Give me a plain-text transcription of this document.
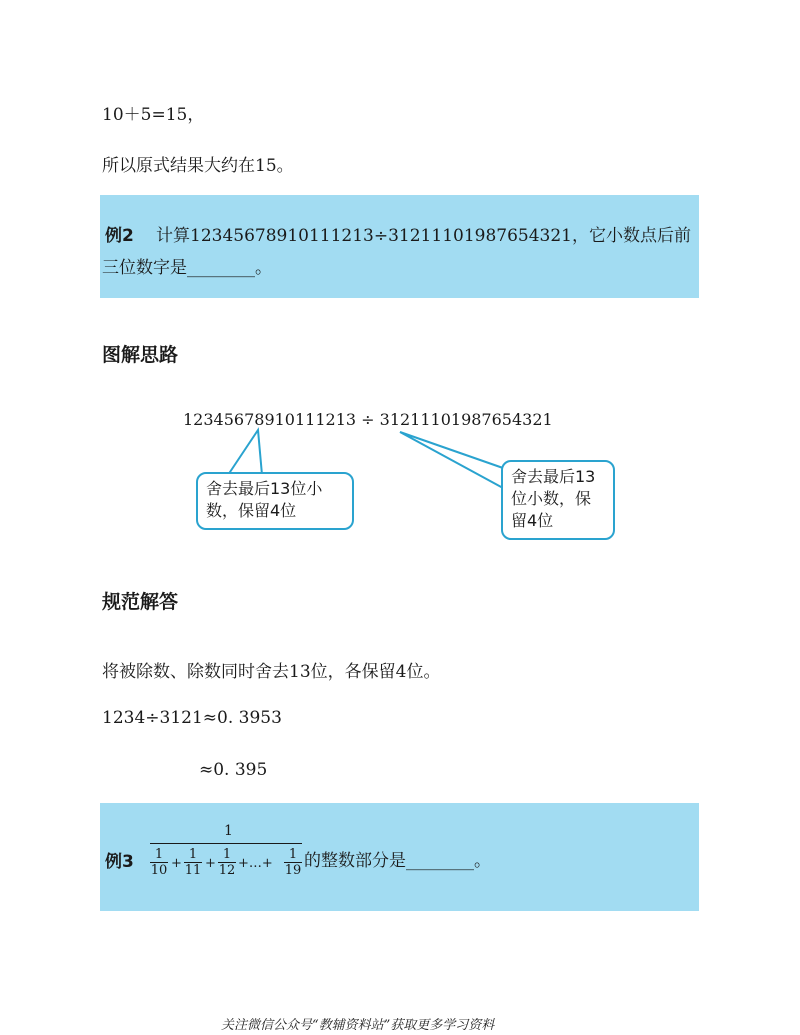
10＋5=15，
所以原式结果大约在15。
例2 计算12345678910111213÷31211101987654321，它小数点后前
三位数字是________。
图解思路
12345678910111213 ÷ 31211101987654321
舍去最后13位小
数，保留4位
舍去最后13
位小数，保
留4位
规范解答
将被除数、除数同时舍去13位，各保留4位。
1234÷3121≈0. 3953
≈0. 395
例3
1
1
10 +
1
11 +
1
12 +…+
1
19 的整数部分是________。
关注微信公众号“教辅资料站”获取更多学习资料
